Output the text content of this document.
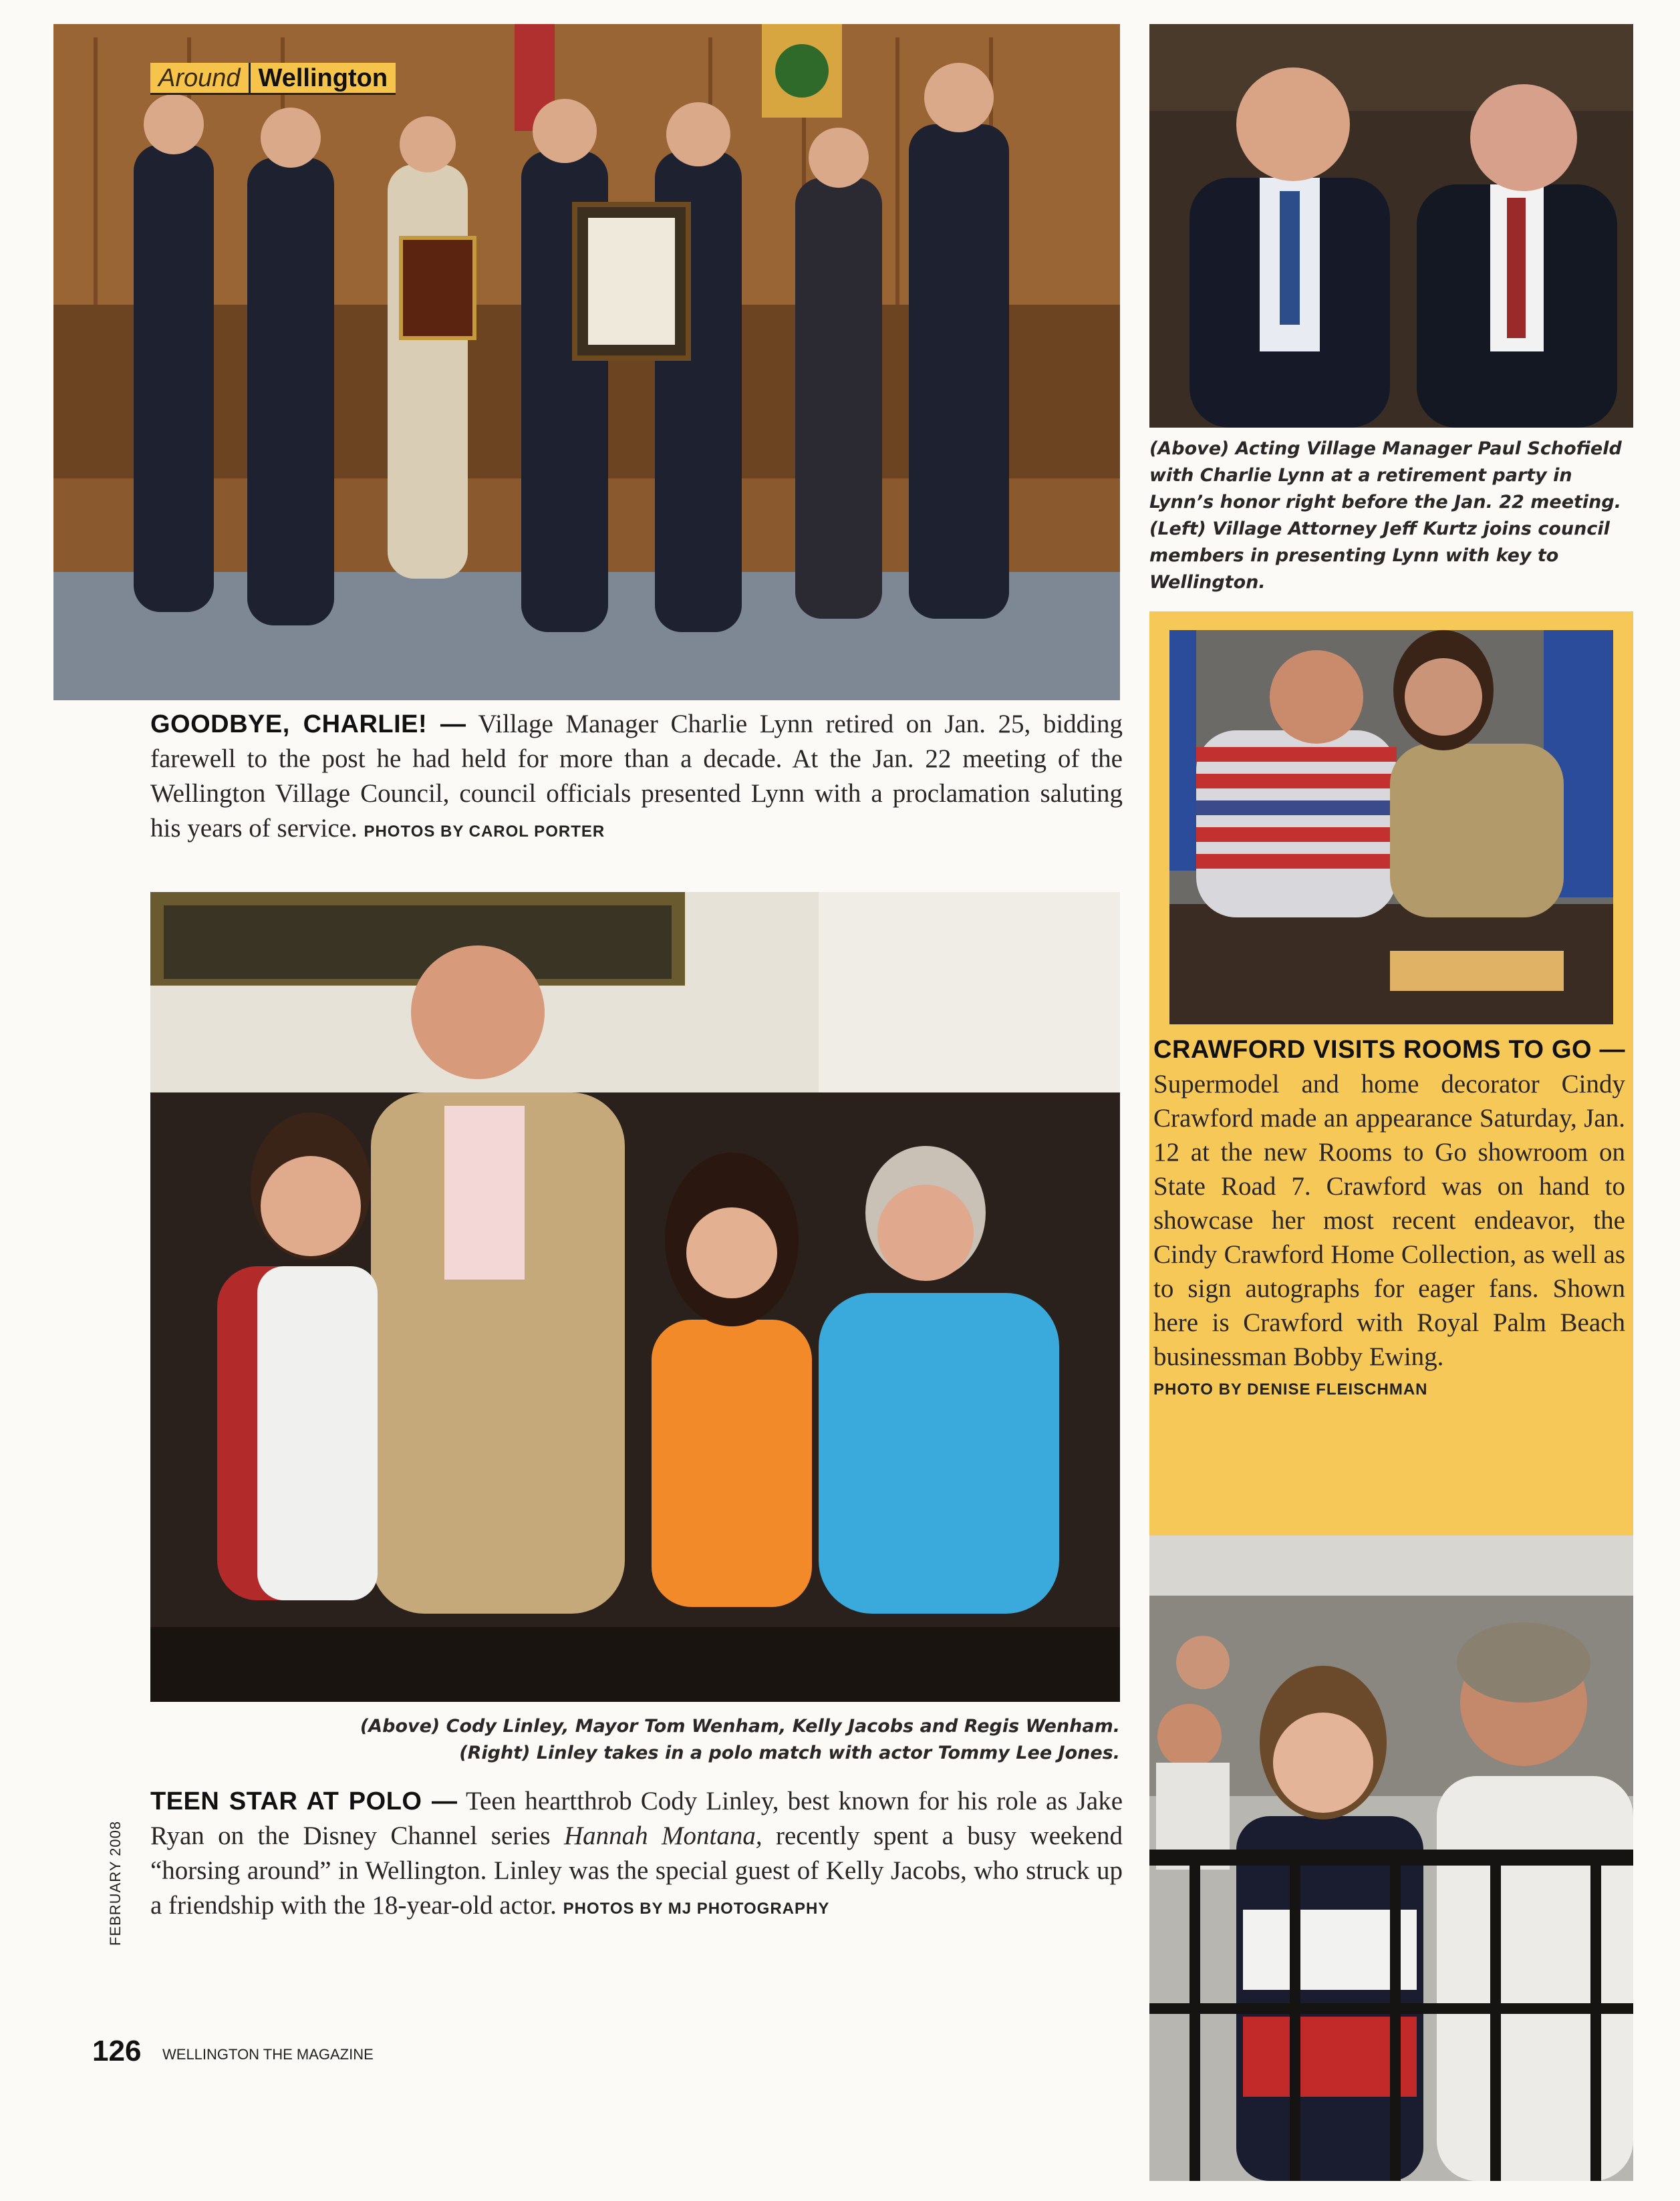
Around Wellington
(Above) Acting Village Manager Paul Schofield
with Charlie Lynn at a retirement party in
Lynn’s honor right before the Jan. 22 meeting.
(Left) Village Attorney Jeff Kurtz joins council
members in presenting Lynn with key to
Wellington.
GOODBYE, CHARLIE! — Village Manager Charlie Lynn retired on Jan. 25, bidding farewell to the post he had held for more than a decade. At the Jan. 22 meeting of the Wellington Village Council, council officials presented Lynn with a proclamation saluting his years of service. PHOTOS BY CAROL PORTER
CRAWFORD VISITS ROOMS TO GO — Supermodel and home decorator Cindy Crawford made an appearance Saturday, Jan. 12 at the new Rooms to Go showroom on State Road 7. Crawford was on hand to showcase her most recent endeavor, the Cindy Crawford Home Collection, as well as to sign autographs for eager fans. Shown here is Crawford with Royal Palm Beach businessman Bobby Ewing.
PHOTO BY DENISE FLEISCHMAN
(Above) Cody Linley, Mayor Tom Wenham, Kelly Jacobs and Regis Wenham.
(Right) Linley takes in a polo match with actor Tommy Lee Jones.
TEEN STAR AT POLO — Teen heartthrob Cody Linley, best known for his role as Jake Ryan on the Disney Channel series Hannah Montana, recently spent a busy weekend “horsing around” in Wellington. Linley was the special guest of Kelly Jacobs, who struck up a friendship with the 18-year-old actor. PHOTOS BY MJ PHOTOGRAPHY
FEBRUARY 2008
126 WELLINGTON THE MAGAZINE
